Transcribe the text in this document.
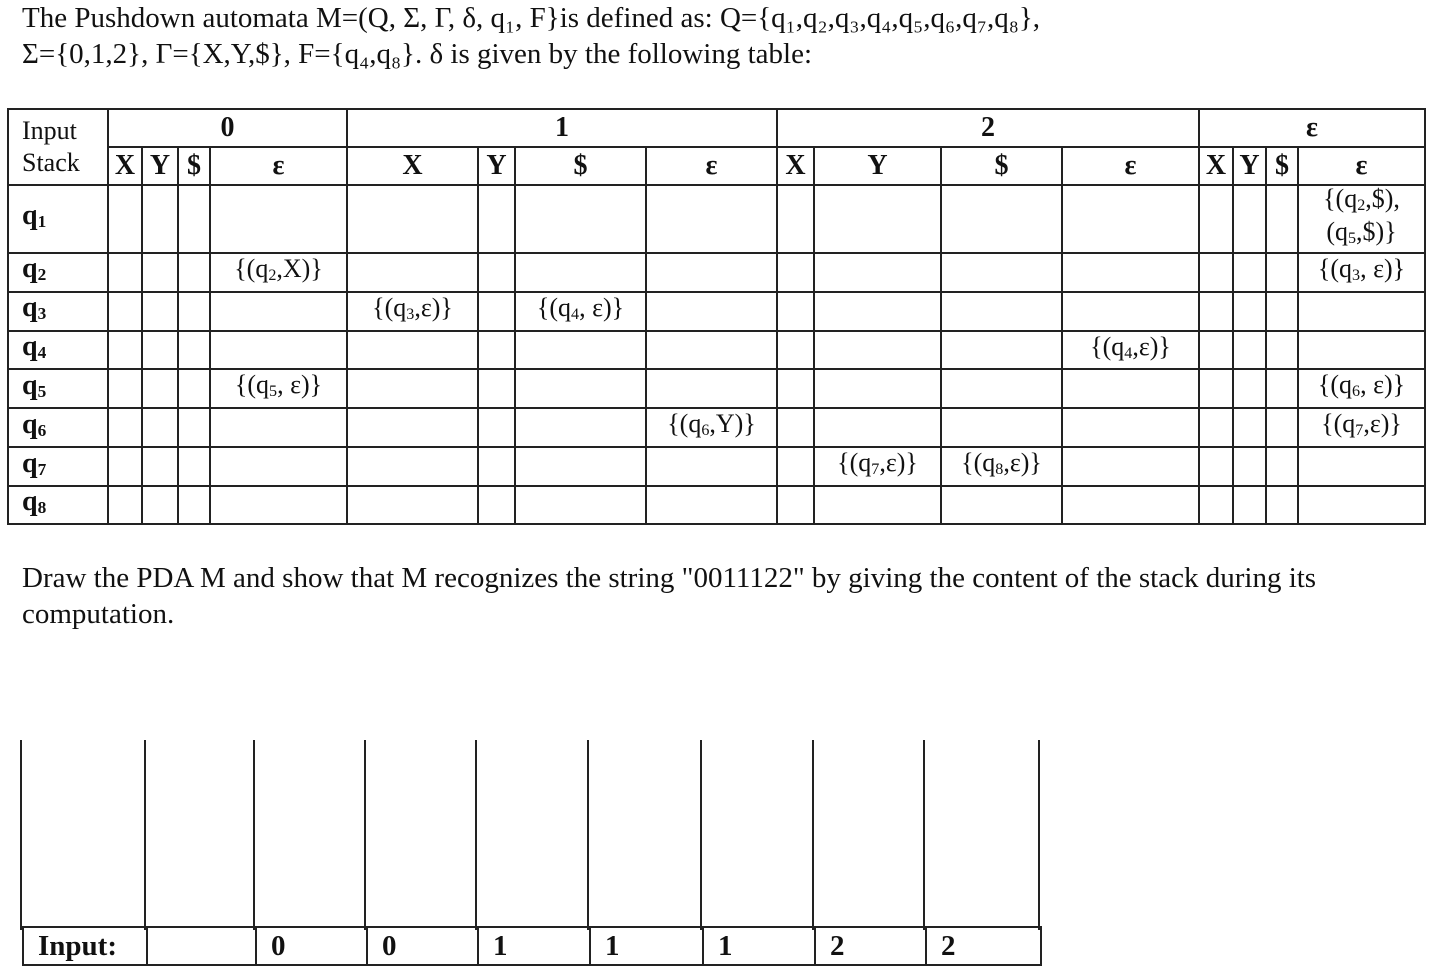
The Pushdown automata M=(Q, Σ, Γ, δ, q₁, F}is defined as: Q={q₁,q₂,q₃,q₄,q₅,q₆,q₇,q₈},
Σ={0,1,2}, Γ={X,Y,$}, F={q₄,q₈}. δ is given by the following table:
Input
Stack	0				1				2				ε			
	X	Y	$	ε	X	Y	$	ε	X	Y	$	ε	X	Y	$	ε
q1																{(q2,$),(q5,$)}
q2				{(q2,X)}												{(q3, ε)}
q3					{(q3,ε)}		{(q4, ε)}									
q4												{(q4,ε)}				
q5				{(q5, ε)}												{(q6, ε)}
q6								{(q6,Y)}								{(q7,ε)}
q7										{(q7,ε)}	{(q8,ε)}					
q8																
Draw the PDA M and show that M recognizes the string "0011122" by giving the content of the stack during its computation.
Input:		0	0	1	1	1	2	2
